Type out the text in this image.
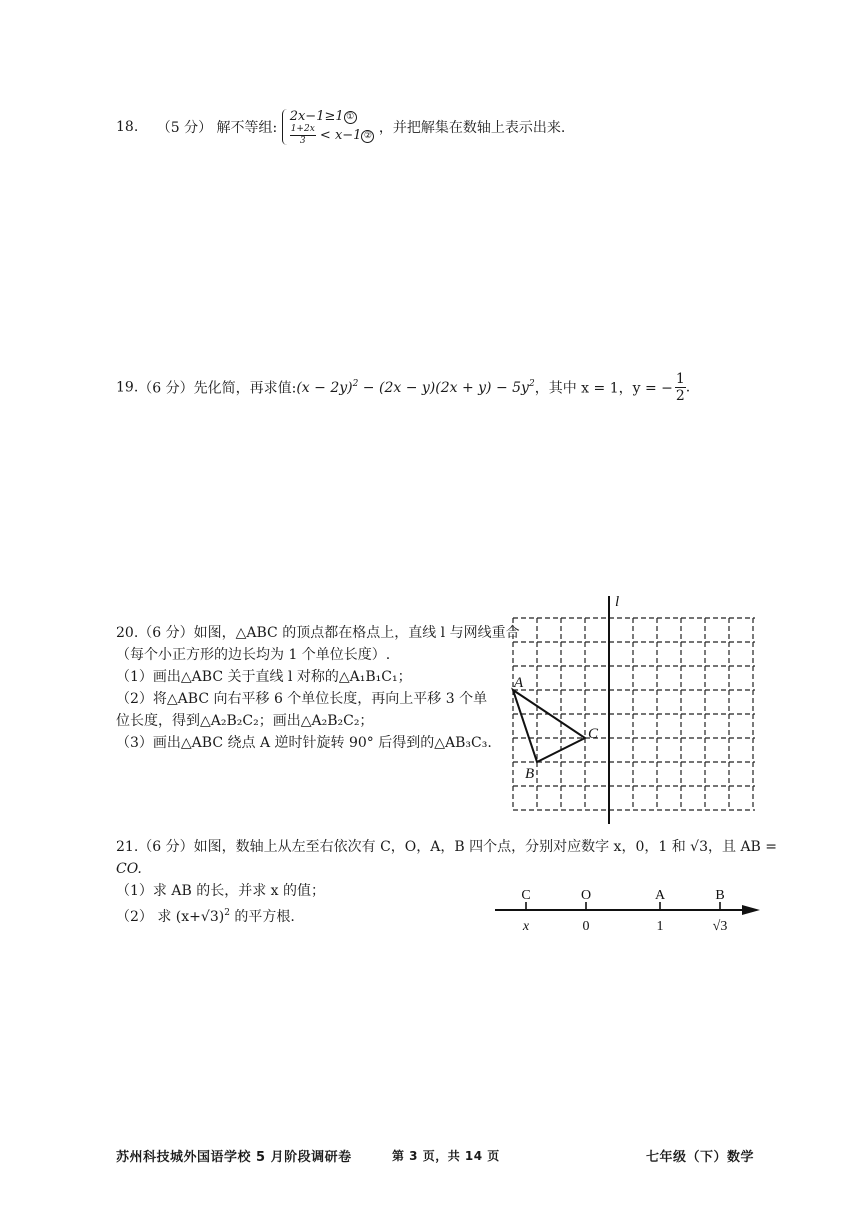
18. （5 分） 解不等组:
2x−1≥1 ①
$\frac{1+2x}{3} < x-1$ ② ，并把解集在数轴上表示出来.
19.（6 分）先化简，再求值:(x − $2y)^2 - (2x - y)(2x + y) - 5y^2$，其中 x = 1，y = − $\frac{1}{2}$ .
20.（6 分）如图，△ABC 的顶点都在格点上，直线 l 与网线重合
（每个小正方形的边长均为 1 个单位长度）.
（1）画出△ABC 关于直线 l 对称的△A₁B₁C₁；
（2）将△ABC 向右平移 6 个单位长度，再向上平移 3 个单
位长度，得到△A₂B₂C₂；画出△A₂B₂C₂；
（3）画出△ABC 绕点 A 逆时针旋转 90° 后得到的△AB₃C₃.
l
A
B
C
21.（6 分）如图，数轴上从左至右依次有 C，O，A，B 四个点，分别对应数字 x，0，1 和 √3，且 AB =
CO.
（1）求 AB 的长，并求 x 的值；
（2） 求 $(x+√3)^2$ 的平方根.
C	O	A	B
x	0	1	√3
苏州科技城外国语学校 5 月阶段调研卷	第 3 页，共 14 页	七年级（下）数学
